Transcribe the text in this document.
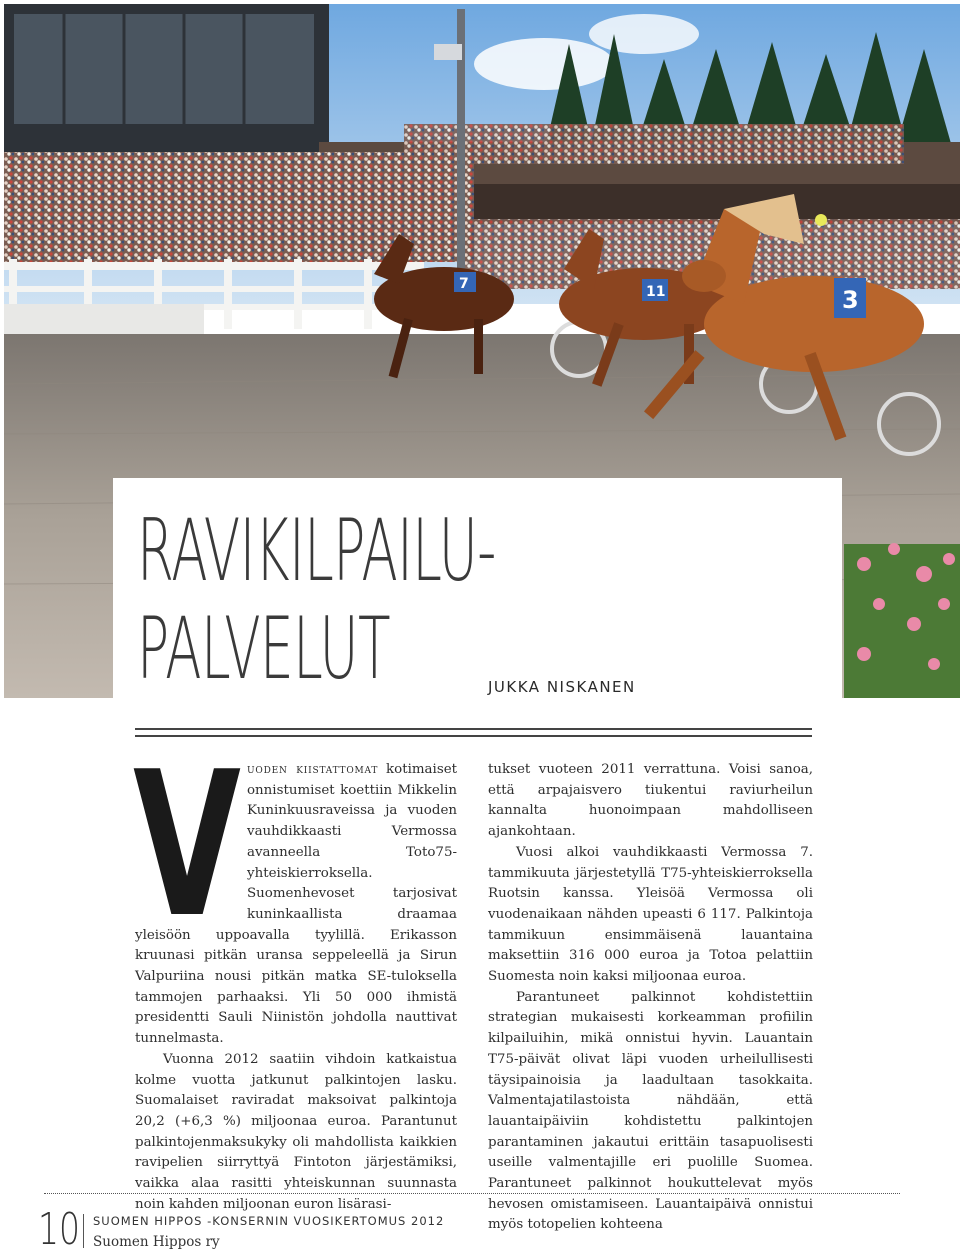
7	11	3
RAVIKILPAILU-
PALVELUT	JUKKA NISKANEN
V uoden kiistattomat kotimaiset onnistumiset koettiin Mikkelin Kuninkuusraveissa ja vuoden vauhdikkaasti Vermossa avanneella Toto75-yhteiskierroksella. Suomenhevoset tarjosivat kuninkaallista draamaa yleisöön uppoavalla tyylillä. Erikasson kruunasi pitkän uransa seppeleellä ja Sirun Valpuriina nousi pitkän matka SE-tuloksella tammojen parhaaksi. Yli 50 000 ihmistä presidentti Sauli Niinistön johdolla nauttivat tunnelmasta.

Vuonna 2012 saatiin vihdoin katkaistua kolme vuotta jatkunut palkintojen lasku. Suomalaiset raviradat maksoivat palkintoja 20,2 (+6,3 %) miljoonaa euroa. Parantunut palkintojenmaksukyky oli mahdollista kaikkien ravipelien siirryttyä Fintoton järjestämiksi, vaikka alaa rasitti yhteiskunnan suunnasta noin kahden miljoonan euron lisärasi-

tukset vuoteen 2011 verrattuna. Voisi sanoa, että arpajaisvero tiukentui raviurheilun kannalta huonoimpaan mahdolliseen ajankohtaan.

Vuosi alkoi vauhdikkaasti Vermossa 7. tammikuuta järjestetyllä T75-yhteiskierroksella Ruotsin kanssa. Yleisöä Vermossa oli vuodenaikaan nähden upeasti 6 117. Palkintoja tammikuun ensimmäisenä lauantaina maksettiin 316 000 euroa ja Totoa pelattiin Suomesta noin kaksi miljoonaa euroa.

Parantuneet palkinnot kohdistettiin strategian mukaisesti korkeamman profiilin kilpailuihin, mikä onnistui hyvin. Lauantain T75-päivät olivat läpi vuoden urheilullisesti täysipainoisia ja laadultaan tasokkaita. Valmentajatilastoista nähdään, että lauantaipäiviin kohdistettu palkintojen parantaminen jakautui erittäin tasapuolisesti useille valmentajille eri puolille Suomea. Parantuneet palkinnot houkuttelevat myös hevosen omistamiseen. Lauantaipäivä onnistui myös totopelien kohteena

10 SUOMEN HIPPOS -KONSERNIN VUOSIKERTOMUS 2012
Suomen Hippos ry
